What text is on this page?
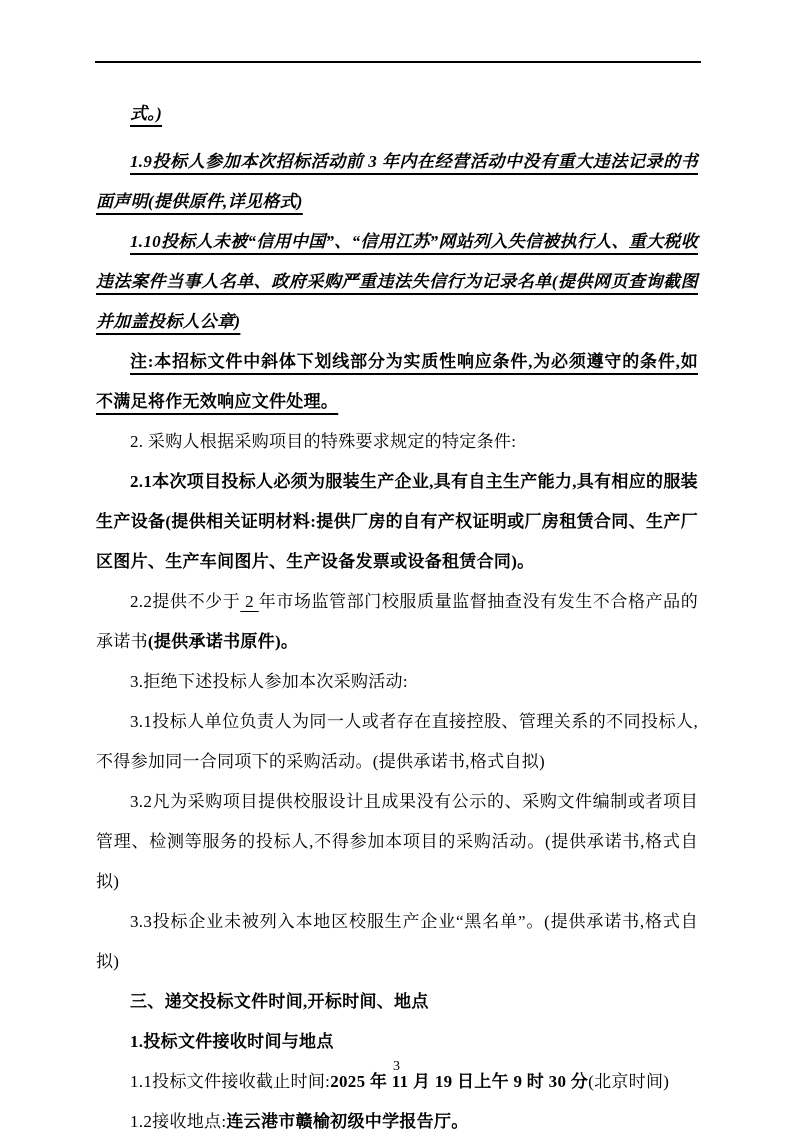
式。)

1.9投标人参加本次招标活动前 3 年内在经营活动中没有重大违法记录的书面声明(提供原件,详见格式)

1.10投标人未被“信用中国”、“信用江苏”网站列入失信被执行人、重大税收违法案件当事人名单、政府采购严重违法失信行为记录名单(提供网页查询截图并加盖投标人公章)

注:本招标文件中斜体下划线部分为实质性响应条件,为必须遵守的条件,如不满足将作无效响应文件处理。

2. 采购人根据采购项目的特殊要求规定的特定条件:

2.1本次项目投标人必须为服装生产企业,具有自主生产能力,具有相应的服装生产设备(提供相关证明材料:提供厂房的自有产权证明或厂房租赁合同、生产厂区图片、生产车间图片、生产设备发票或设备租赁合同)。

2.2提供不少于 2 年市场监管部门校服质量监督抽查没有发生不合格产品的承诺书(提供承诺书原件)。

3.拒绝下述投标人参加本次采购活动:

3.1投标人单位负责人为同一人或者存在直接控股、管理关系的不同投标人,不得参加同一合同项下的采购活动。(提供承诺书,格式自拟)

3.2凡为采购项目提供校服设计且成果没有公示的、采购文件编制或者项目管理、检测等服务的投标人,不得参加本项目的采购活动。(提供承诺书,格式自拟)

3.3投标企业未被列入本地区校服生产企业“黑名单”。(提供承诺书,格式自拟)

三、递交投标文件时间,开标时间、地点

1.投标文件接收时间与地点

1.1投标文件接收截止时间:2025 年 11 月 19 日上午 9 时 30 分(北京时间)

1.2接收地点:连云港市赣榆初级中学报告厅。

3
